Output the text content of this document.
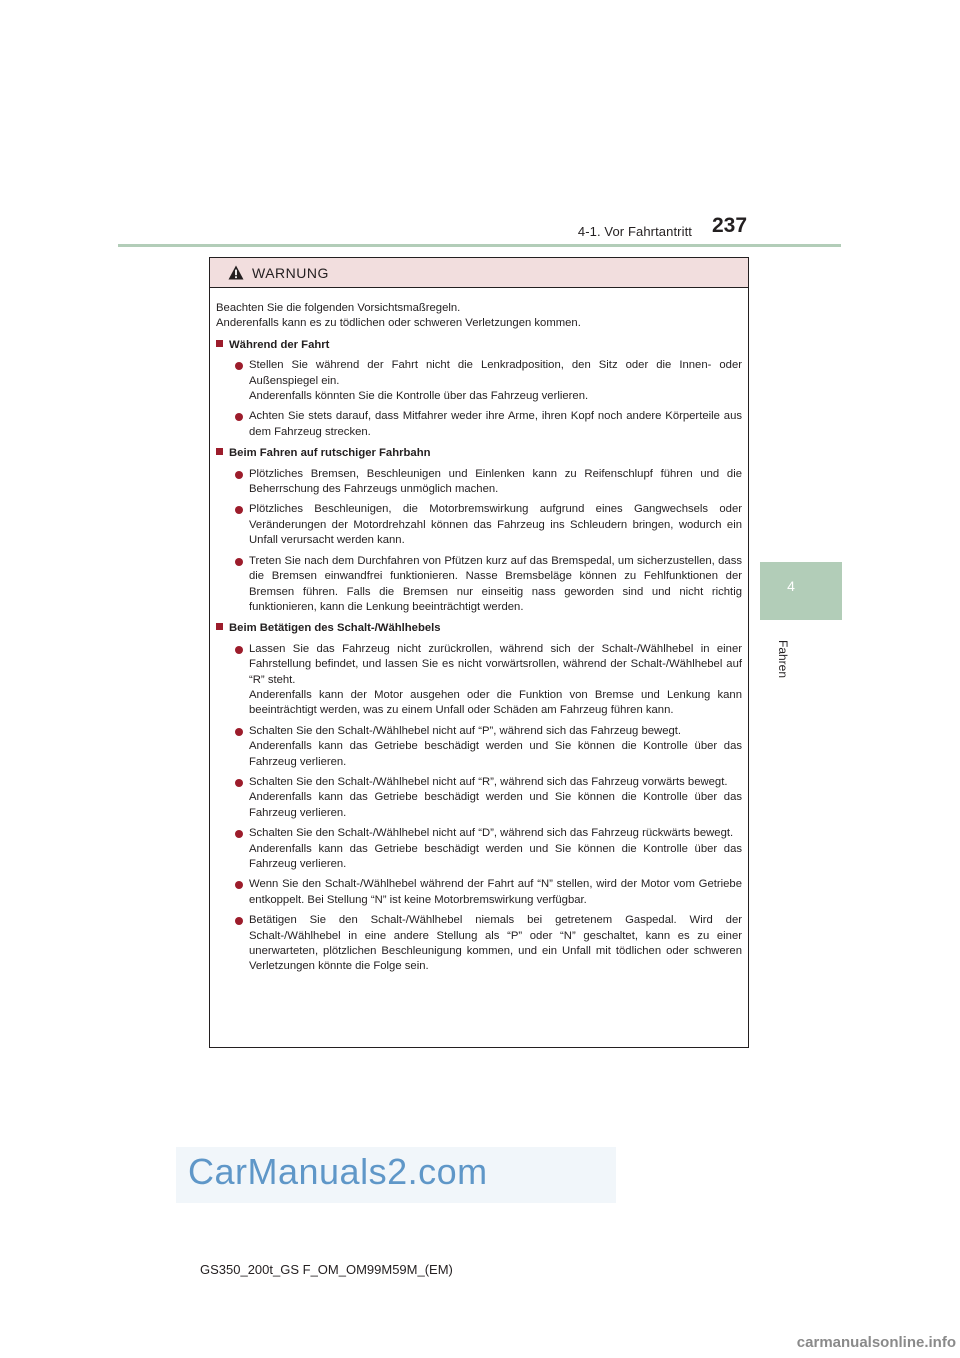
4-1. Vor Fahrtantritt 237
4
Fahren
WARNUNG

Beachten Sie die folgenden Vorsichtsmaßregeln.

Anderenfalls kann es zu tödlichen oder schweren Verletzungen kommen.

Während der Fahrt

Stellen Sie während der Fahrt nicht die Lenkradposition, den Sitz oder die Innen- oder Außenspiegel ein.

Anderenfalls könnten Sie die Kontrolle über das Fahrzeug verlieren.

Achten Sie stets darauf, dass Mitfahrer weder ihre Arme, ihren Kopf noch andere Körperteile aus dem Fahrzeug strecken.

Beim Fahren auf rutschiger Fahrbahn

Plötzliches Bremsen, Beschleunigen und Einlenken kann zu Reifenschlupf führen und die Beherrschung des Fahrzeugs unmöglich machen.

Plötzliches Beschleunigen, die Motorbremswirkung aufgrund eines Gangwechsels oder Veränderungen der Motordrehzahl können das Fahrzeug ins Schleudern bringen, wodurch ein Unfall verursacht werden kann.

Treten Sie nach dem Durchfahren von Pfützen kurz auf das Bremspedal, um sicherzustellen, dass die Bremsen einwandfrei funktionieren. Nasse Bremsbeläge können zu Fehlfunktionen der Bremsen führen. Falls die Bremsen nur einseitig nass geworden sind und nicht richtig funktionieren, kann die Lenkung beeinträchtigt werden.

Beim Betätigen des Schalt-/Wählhebels

Lassen Sie das Fahrzeug nicht zurückrollen, während sich der Schalt-/Wählhebel in einer Fahrstellung befindet, und lassen Sie es nicht vorwärtsrollen, während der Schalt-/Wählhebel auf “R” steht.

Anderenfalls kann der Motor ausgehen oder die Funktion von Bremse und Lenkung kann beeinträchtigt werden, was zu einem Unfall oder Schäden am Fahrzeug führen kann.

Schalten Sie den Schalt-/Wählhebel nicht auf “P”, während sich das Fahrzeug bewegt.

Anderenfalls kann das Getriebe beschädigt werden und Sie können die Kontrolle über das Fahrzeug verlieren.

Schalten Sie den Schalt-/Wählhebel nicht auf “R”, während sich das Fahrzeug vorwärts bewegt.

Anderenfalls kann das Getriebe beschädigt werden und Sie können die Kontrolle über das Fahrzeug verlieren.

Schalten Sie den Schalt-/Wählhebel nicht auf “D”, während sich das Fahrzeug rückwärts bewegt.

Anderenfalls kann das Getriebe beschädigt werden und Sie können die Kontrolle über das Fahrzeug verlieren.

Wenn Sie den Schalt-/Wählhebel während der Fahrt auf “N” stellen, wird der Motor vom Getriebe entkoppelt. Bei Stellung “N” ist keine Motorbremswirkung verfügbar.

Betätigen Sie den Schalt-/Wählhebel niemals bei getretenem Gaspedal. Wird der Schalt-/Wählhebel in eine andere Stellung als “P” oder “N” geschaltet, kann es zu einer unerwarteten, plötzlichen Beschleunigung kommen, und ein Unfall mit tödlichen oder schweren Verletzungen könnte die Folge sein.

GS350_200t_GS F_OM_OM99M59M_(EM)
CarManuals2.com
carmanualsonline.info
